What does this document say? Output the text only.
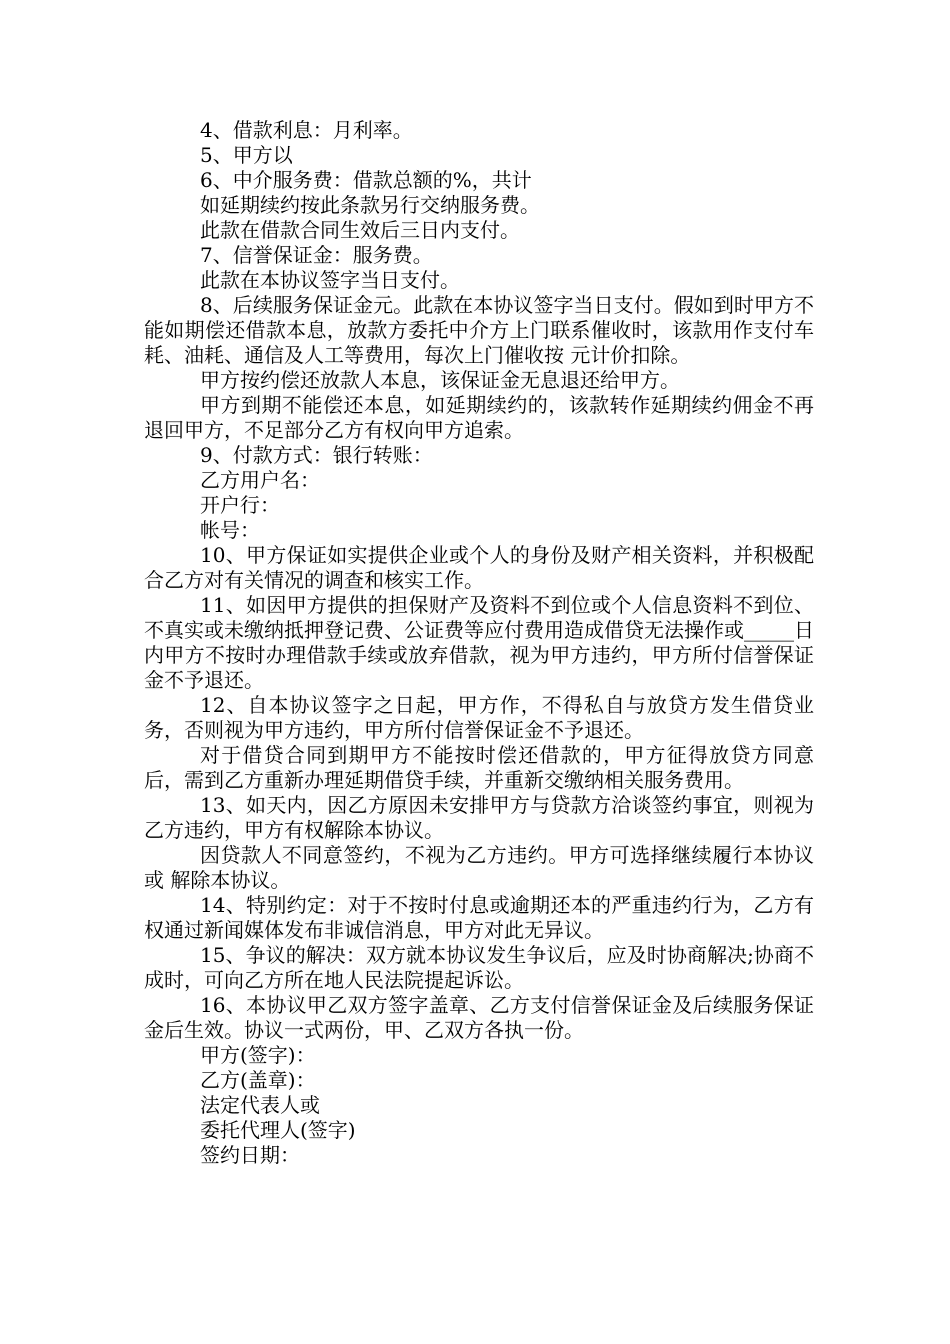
4、借款利息：月利率。

5、甲方以

6、中介服务费：借款总额的%，共计

如延期续约按此条款另行交纳服务费。

此款在借款合同生效后三日内支付。

7、信誉保证金：服务费。

此款在本协议签字当日支付。

8、后续服务保证金元。此款在本协议签字当日支付。假如到时甲方不能如期偿还借款本息，放款方委托中介方上门联系催收时，该款用作支付车耗、油耗、通信及人工等费用，每次上门催收按 元计价扣除。

甲方按约偿还放款人本息，该保证金无息退还给甲方。

甲方到期不能偿还本息，如延期续约的，该款转作延期续约佣金不再退回甲方，不足部分乙方有权向甲方追索。

9、付款方式：银行转账：

乙方用户名：

开户行：

帐号：

10、甲方保证如实提供企业或个人的身份及财产相关资料，并积极配合乙方对有关情况的调查和核实工作。

11、如因甲方提供的担保财产及资料不到位或个人信息资料不到位、不真实或未缴纳抵押登记费、公证费等应付费用造成借贷无法操作或_____日内甲方不按时办理借款手续或放弃借款，视为甲方违约，甲方所付信誉保证金不予退还。

12、自本协议签字之日起，甲方作，不得私自与放贷方发生借贷业务，否则视为甲方违约，甲方所付信誉保证金不予退还。

对于借贷合同到期甲方不能按时偿还借款的，甲方征得放贷方同意后，需到乙方重新办理延期借贷手续，并重新交缴纳相关服务费用。

13、如天内，因乙方原因未安排甲方与贷款方洽谈签约事宜，则视为乙方违约，甲方有权解除本协议。

因贷款人不同意签约，不视为乙方违约。甲方可选择继续履行本协议或 解除本协议。

14、特别约定：对于不按时付息或逾期还本的严重违约行为，乙方有权通过新闻媒体发布非诚信消息，甲方对此无异议。

15、争议的解决：双方就本协议发生争议后，应及时协商解决;协商不成时，可向乙方所在地人民法院提起诉讼。

16、本协议甲乙双方签字盖章、乙方支付信誉保证金及后续服务保证金后生效。协议一式两份，甲、乙双方各执一份。

甲方(签字)：

乙方(盖章)：

法定代表人或

委托代理人(签字)

签约日期：
